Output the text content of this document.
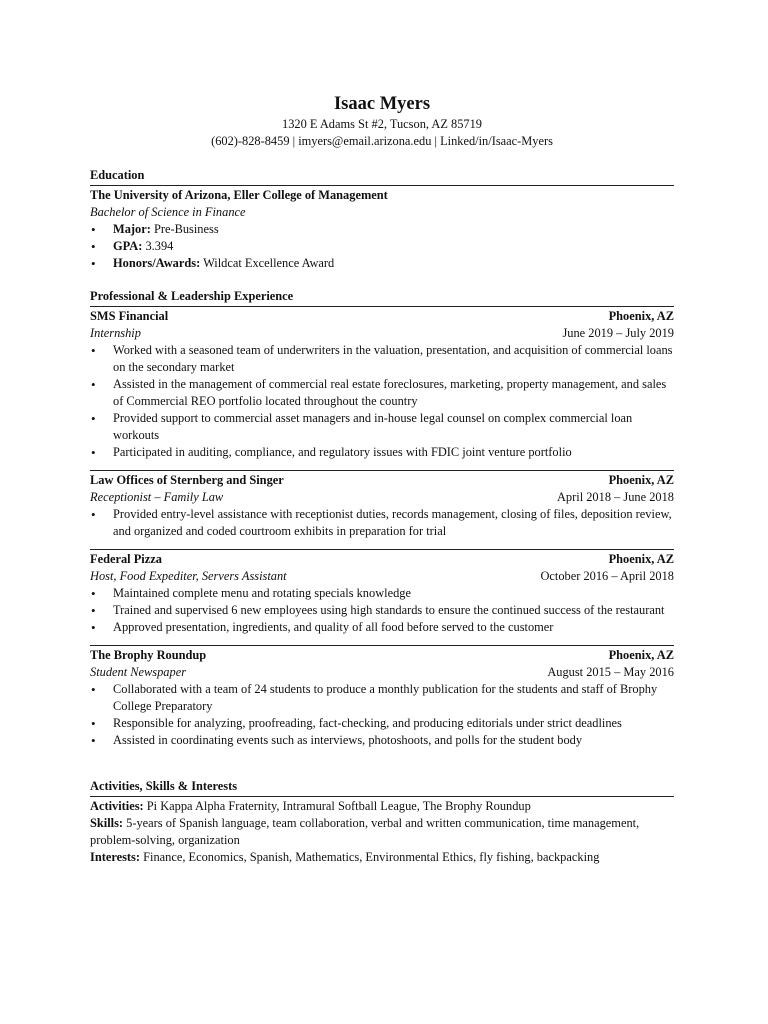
Isaac Myers

1320 E Adams St #2, Tucson, AZ 85719

(602)-828-8459 | imyers@email.arizona.edu | Linked/in/Isaac-Myers

Education

The University of Arizona, Eller College of Management
Bachelor of Science in Finance
• Major: Pre-Business
• GPA: 3.394
• Honors/Awards: Wildcat Excellence Award

Professional & Leadership Experience

SMS Financial	Phoenix, AZ
Internship	June 2019 – July 2019
• Worked with a seasoned team of underwriters in the valuation, presentation, and acquisition of commercial loans on the secondary market
• Assisted in the management of commercial real estate foreclosures, marketing, property management, and sales of Commercial REO portfolio located throughout the country
• Provided support to commercial asset managers and in-house legal counsel on complex commercial loan workouts
• Participated in auditing, compliance, and regulatory issues with FDIC joint venture portfolio
Law Offices of Sternberg and Singer	Phoenix, AZ
Receptionist – Family Law	April 2018 – June 2018
• Provided entry-level assistance with receptionist duties, records management, closing of files, deposition review, and organized and coded courtroom exhibits in preparation for trial
Federal Pizza	Phoenix, AZ
Host, Food Expediter, Servers Assistant	October 2016 – April 2018
• Maintained complete menu and rotating specials knowledge
• Trained and supervised 6 new employees using high standards to ensure the continued success of the restaurant
• Approved presentation, ingredients, and quality of all food before served to the customer
The Brophy Roundup	Phoenix, AZ
Student Newspaper	August 2015 – May 2016
• Collaborated with a team of 24 students to produce a monthly publication for the students and staff of Brophy College Preparatory
• Responsible for analyzing, proofreading, fact-checking, and producing editorials under strict deadlines
• Assisted in coordinating events such as interviews, photoshoots, and polls for the student body

Activities, Skills & Interests

Activities: Pi Kappa Alpha Fraternity, Intramural Softball League, The Brophy Roundup

Skills: 5-years of Spanish language, team collaboration, verbal and written communication, time management, problem-solving, organization

Interests: Finance, Economics, Spanish, Mathematics, Environmental Ethics, fly fishing, backpacking
